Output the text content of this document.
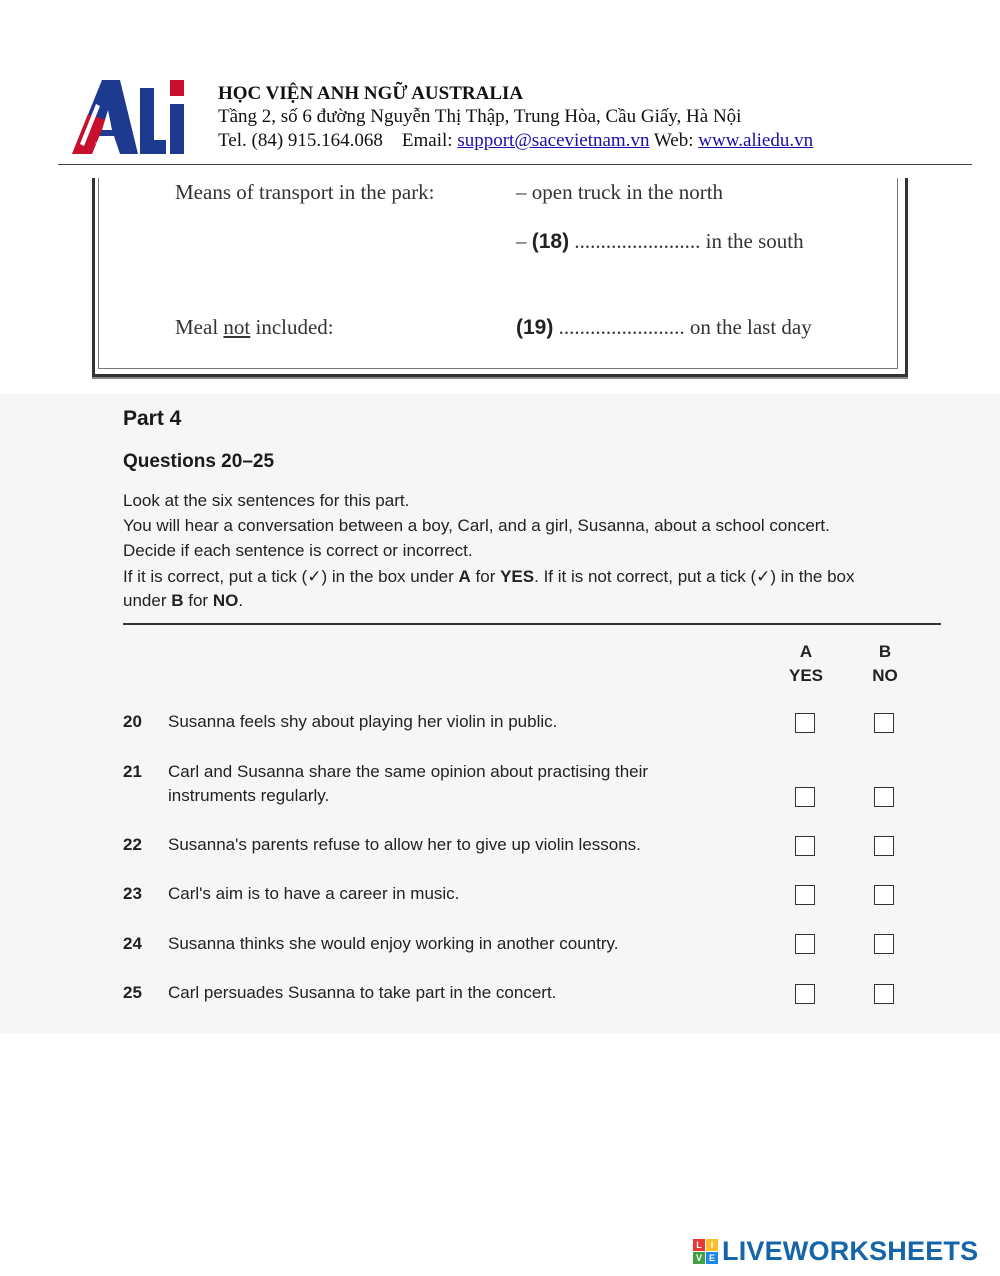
★
HỌC VIỆN ANH NGỮ AUSTRALIA
Tầng 2, số 6 đường Nguyễn Thị Thập, Trung Hòa, Cầu Giấy, Hà Nội
Tel. (84) 915.164.068 Email: support@sacevietnam.vn Web: www.aliedu.vn
Means of transport in the park:	– open truck in the north
– (18) ........................ in the south
Meal not included:	(19) ........................ on the last day
Part 4
Questions 20–25
Look at the six sentences for this part.
You will hear a conversation between a boy, Carl, and a girl, Susanna, about a school concert.
Decide if each sentence is correct or incorrect.
If it is correct, put a tick (✓) in the box under A for YES. If it is not correct, put a tick (✓) in the box
under B for NO.
A
YES
B
NO
20 Susanna feels shy about playing her violin in public.
21 Carl and Susanna share the same opinion about practising their instruments regularly.
22 Susanna's parents refuse to allow her to give up violin lessons.
23 Carl's aim is to have a career in music.
24 Susanna thinks she would enjoy working in another country.
25 Carl persuades Susanna to take part in the concert.
L I
V E LIVEWORKSHEETS
